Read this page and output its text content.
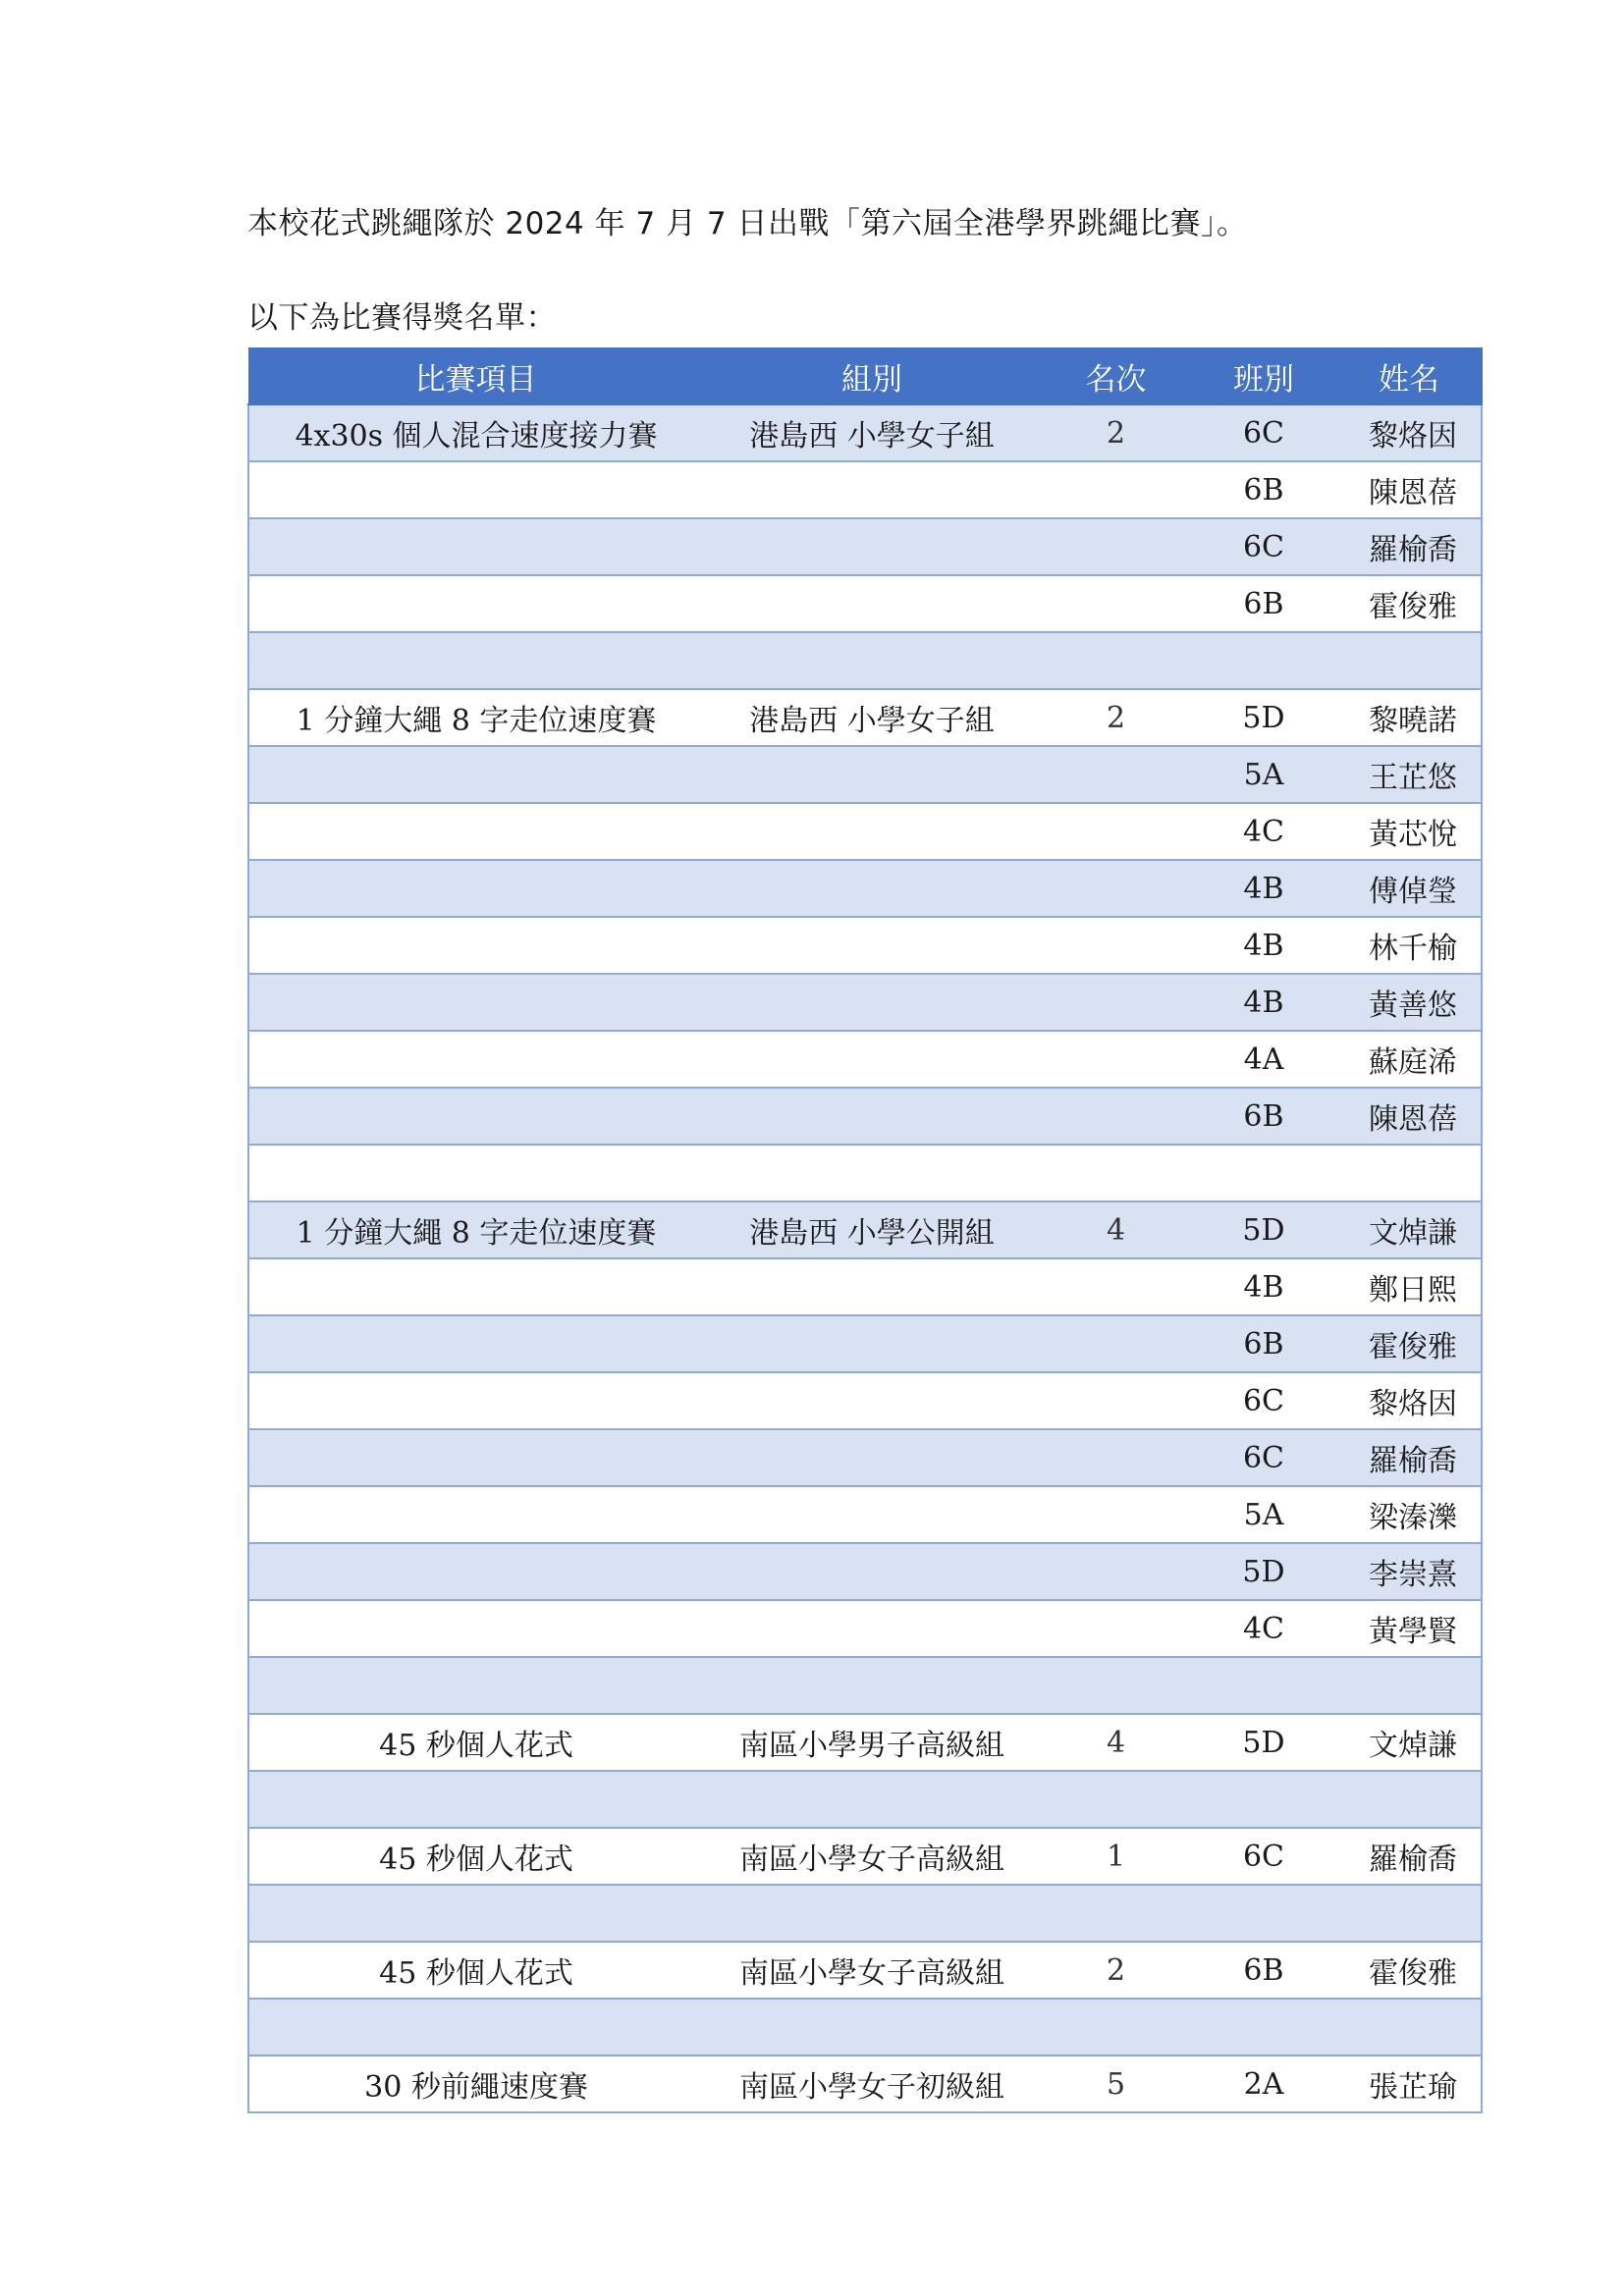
本校花式跳繩隊於 2024 年 7 月 7 日出戰「第六屆全港學界跳繩比賽」。
以下為比賽得獎名單：
比賽項目	組別	名次	班別	姓名
4x30s 個人混合速度接力賽	港島西 小學女子組	2	6C	黎烙因
			6B	陳恩蓓
			6C	羅榆喬
			6B	霍俊雅

1 分鐘大繩 8 字走位速度賽	港島西 小學女子組	2	5D	黎曉諾
			5A	王芷悠
			4C	黃芯悅
			4B	傅倬瑩
			4B	林千榆
			4B	黃善悠
			4A	蘇庭浠
			6B	陳恩蓓

1 分鐘大繩 8 字走位速度賽	港島西 小學公開組	4	5D	文焯謙
			4B	鄭日熙
			6B	霍俊雅
			6C	黎烙因
			6C	羅榆喬
			5A	梁溱濼
			5D	李崇熹
			4C	黃學賢

45 秒個人花式	南區小學男子高級組	4	5D	文焯謙

45 秒個人花式	南區小學女子高級組	1	6C	羅榆喬

45 秒個人花式	南區小學女子高級組	2	6B	霍俊雅

30 秒前繩速度賽	南區小學女子初級組	5	2A	張芷瑜
